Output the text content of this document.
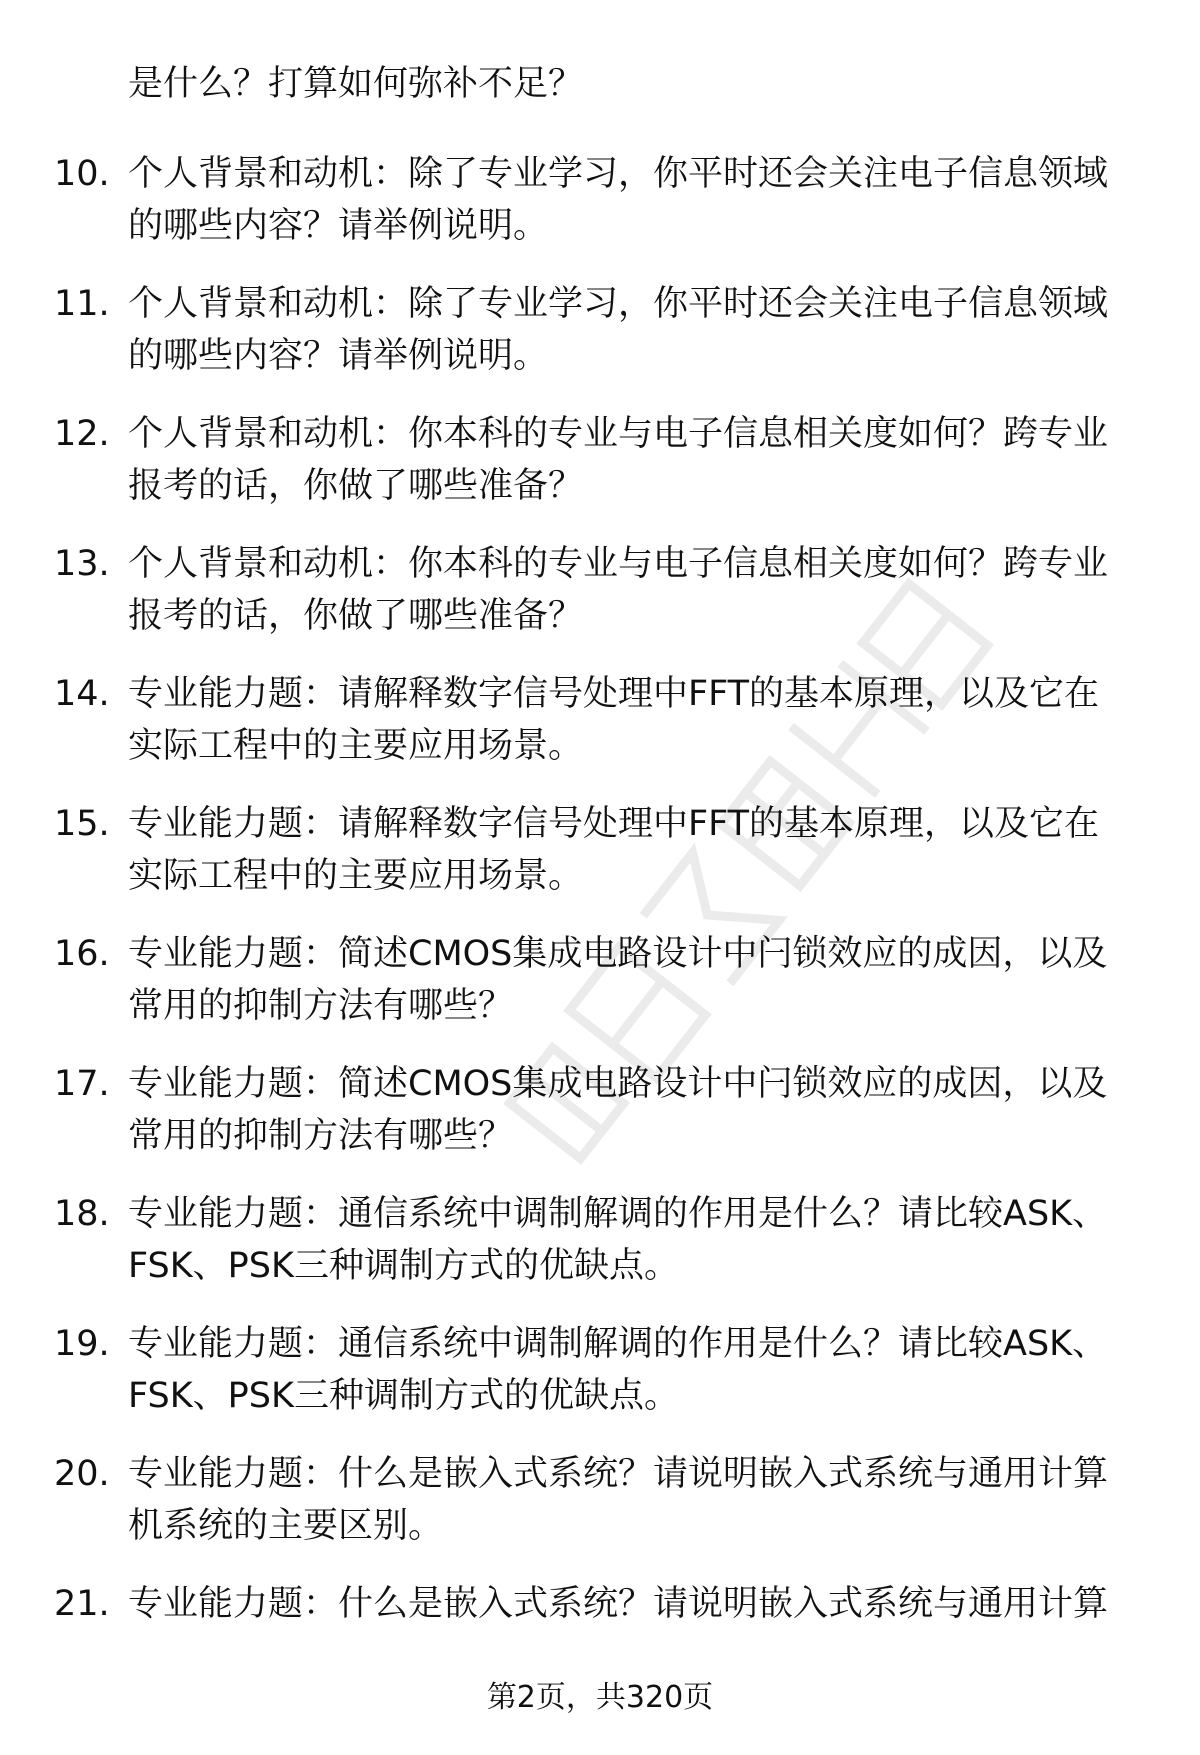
是什么？打算如何弥补不足？
10. 个人背景和动机：除了专业学习，你平时还会关注电子信息领域
的哪些内容？请举例说明。
11. 个人背景和动机：除了专业学习，你平时还会关注电子信息领域
的哪些内容？请举例说明。
12. 个人背景和动机：你本科的专业与电子信息相关度如何？跨专业
报考的话，你做了哪些准备？
13. 个人背景和动机：你本科的专业与电子信息相关度如何？跨专业
报考的话，你做了哪些准备？
14. 专业能力题：请解释数字信号处理中FFT的基本原理，以及它在
实际工程中的主要应用场景。
15. 专业能力题：请解释数字信号处理中FFT的基本原理，以及它在
实际工程中的主要应用场景。
16. 专业能力题：简述CMOS集成电路设计中闩锁效应的成因，以及
常用的抑制方法有哪些？
17. 专业能力题：简述CMOS集成电路设计中闩锁效应的成因，以及
常用的抑制方法有哪些？
18. 专业能力题：通信系统中调制解调的作用是什么？请比较ASK、
FSK、PSK三种调制方式的优缺点。
19. 专业能力题：通信系统中调制解调的作用是什么？请比较ASK、
FSK、PSK三种调制方式的优缺点。
20. 专业能力题：什么是嵌入式系统？请说明嵌入式系统与通用计算
机系统的主要区别。
21. 专业能力题：什么是嵌入式系统？请说明嵌入式系统与通用计算
第2页，共320页
